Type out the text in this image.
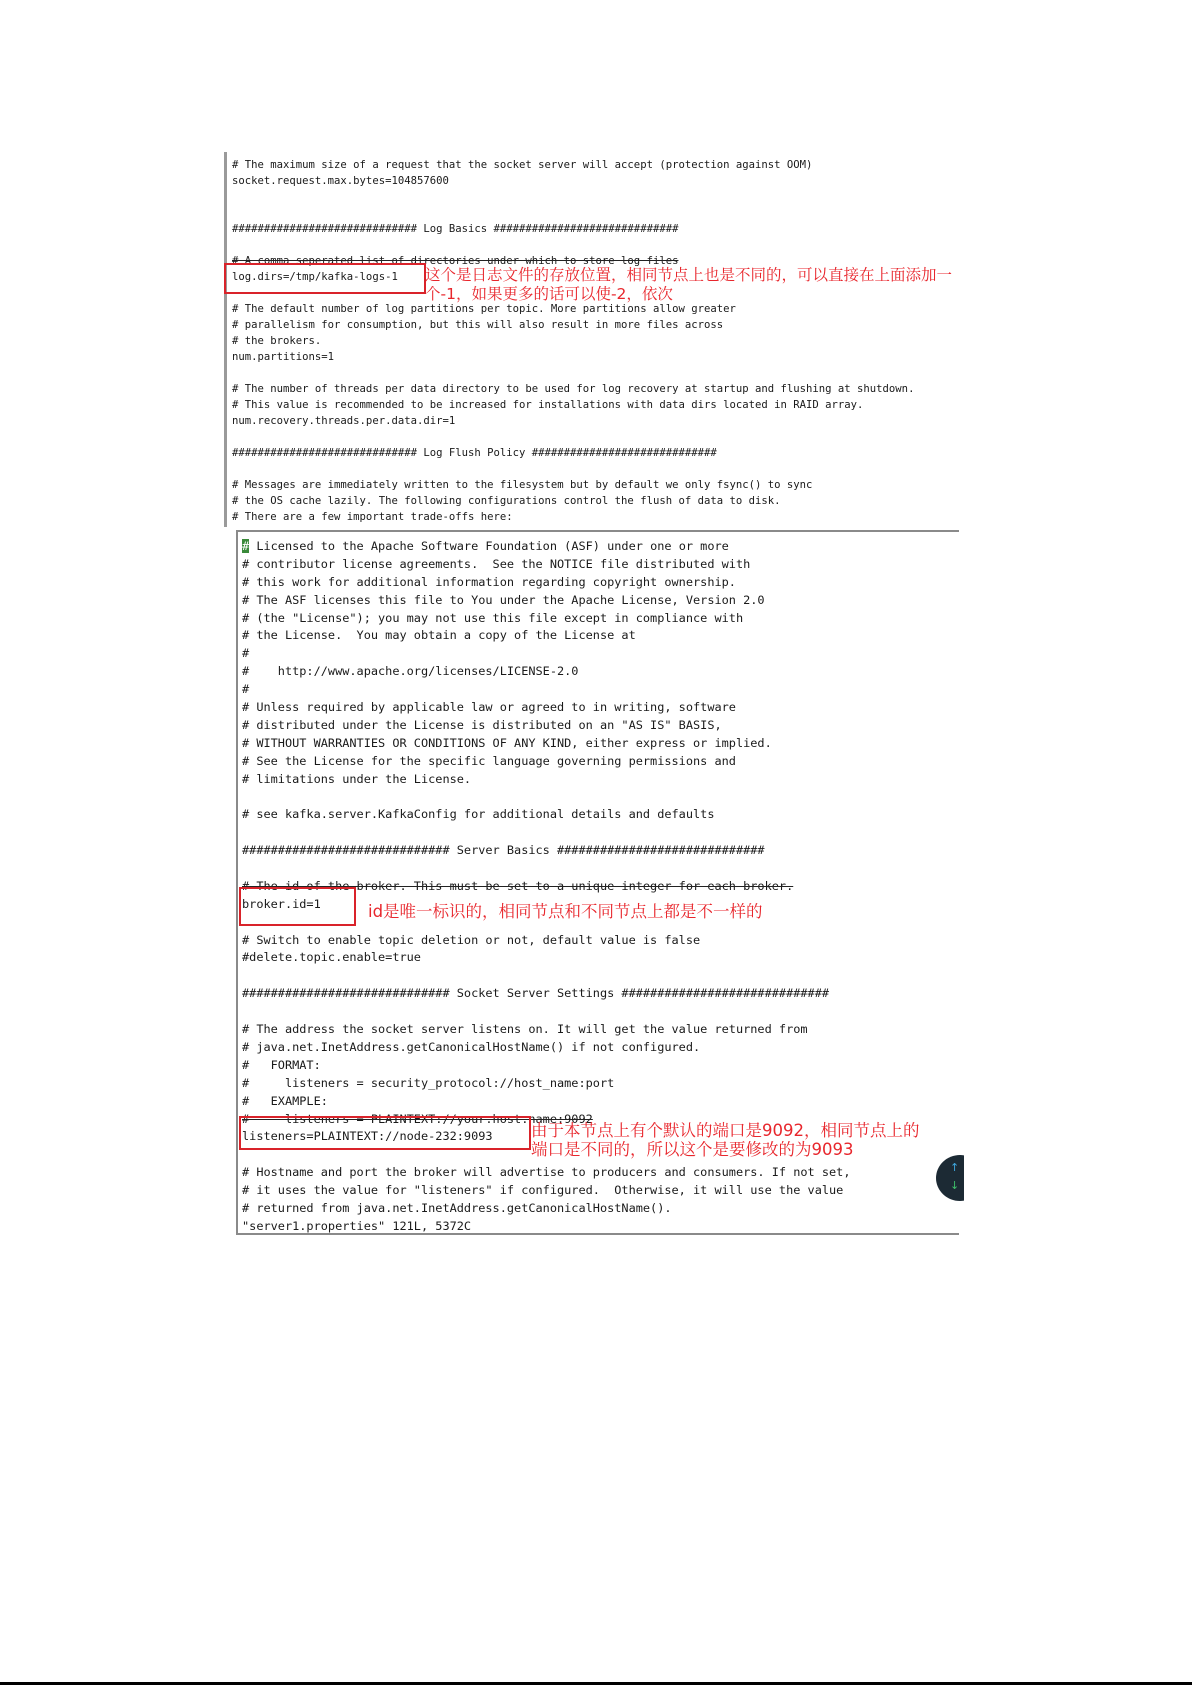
# The maximum size of a request that the socket server will accept (protection against OOM)
socket.request.max.bytes=104857600
############################# Log Basics #############################
# A comma seperated list of directories under which to store log files
log.dirs=/tmp/kafka-logs-1
# The default number of log partitions per topic. More partitions allow greater
# parallelism for consumption, but this will also result in more files across
# the brokers.
num.partitions=1
# The number of threads per data directory to be used for log recovery at startup and flushing at shutdown.
# This value is recommended to be increased for installations with data dirs located in RAID array.
num.recovery.threads.per.data.dir=1
############################# Log Flush Policy #############################
# Messages are immediately written to the filesystem but by default we only fsync() to sync
# the OS cache lazily. The following configurations control the flush of data to disk.
# There are a few important trade-offs here:
# Licensed to the Apache Software Foundation (ASF) under one or more
# contributor license agreements.  See the NOTICE file distributed with
# this work for additional information regarding copyright ownership.
# The ASF licenses this file to You under the Apache License, Version 2.0
# (the "License"); you may not use this file except in compliance with
# the License.  You may obtain a copy of the License at
#
#    http://www.apache.org/licenses/LICENSE-2.0
#
# Unless required by applicable law or agreed to in writing, software
# distributed under the License is distributed on an "AS IS" BASIS,
# WITHOUT WARRANTIES OR CONDITIONS OF ANY KIND, either express or implied.
# See the License for the specific language governing permissions and
# limitations under the License.
# see kafka.server.KafkaConfig for additional details and defaults
############################# Server Basics #############################
# The id of the broker. This must be set to a unique integer for each broker.
broker.id=1
# Switch to enable topic deletion or not, default value is false
#delete.topic.enable=true
############################# Socket Server Settings #############################
# The address the socket server listens on. It will get the value returned from
# java.net.InetAddress.getCanonicalHostName() if not configured.
#   FORMAT:
#     listeners = security_protocol://host_name:port
#   EXAMPLE:
#     listeners = PLAINTEXT://your.host.name:9092
listeners=PLAINTEXT://node-232:9093
# Hostname and port the broker will advertise to producers and consumers. If not set,
# it uses the value for "listeners" if configured.  Otherwise, it will use the value
# returned from java.net.InetAddress.getCanonicalHostName().
"server1.properties" 121L, 5372C
这个是日志文件的存放位置，相同节点上也是不同的，可以直接在上面添加一
个-1，如果更多的话可以使-2，依次
id是唯一标识的，相同节点和不同节点上都是不一样的
由于本节点上有个默认的端口是9092，相同节点上的
端口是不同的，所以这个是要修改的为9093
↑
↓
